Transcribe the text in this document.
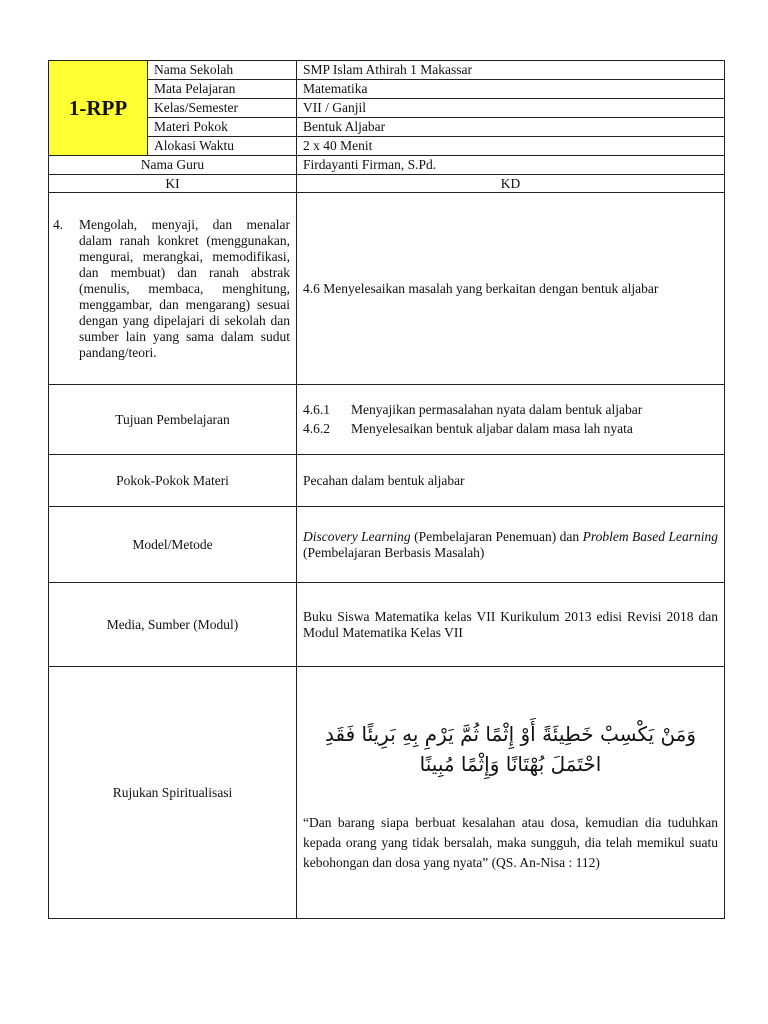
1-RPP	Nama Sekolah	SMP Islam Athirah 1 Makassar
	Mata Pelajaran	Matematika
	Kelas/Semester	VII / Ganjil
	Materi Pokok	Bentuk Aljabar
	Alokasi Waktu	2 x 40 Menit
Nama Guru		Firdayanti Firman, S.Pd.
KI		KD

4. Mengolah, menyaji, dan menalar dalam ranah konkret (menggunakan, mengurai, merangkai, memodifikasi, dan membuat) dan ranah abstrak (menulis, membaca, menghitung, menggambar, dan mengarang) sesuai dengan yang dipelajari di sekolah dan sumber lain yang sama dalam sudut pandang/teori.		4.6 Menyelesaikan masalah yang berkaitan dengan bentuk aljabar
Tujuan Pembelajaran		4.6.1 Menyajikan permasalahan nyata dalam bentuk aljabar
4.6.2 Menyelesaikan bentuk aljabar dalam masa lah nyata

Pokok-Pokok Materi		Pecahan dalam bentuk aljabar
Model/Metode		Discovery Learning (Pembelajaran Penemuan) dan Problem Based Learning (Pembelajaran Berbasis Masalah)
Media, Sumber (Modul)		Buku Siswa Matematika kelas VII Kurikulum 2013 edisi Revisi 2018 dan Modul Matematika Kelas VII
Rujukan Spiritualisasi		وَمَنْ يَكْسِبْ خَطِيئَةً أَوْ إِثْمًا ثُمَّ يَرْمِ بِهِ بَرِيئًا فَقَدِ احْتَمَلَ بُهْتَانًا وَإِثْمًا مُبِينًا
“Dan barang siapa berbuat kesalahan atau dosa, kemudian dia tuduhkan kepada orang yang tidak bersalah, maka sungguh, dia telah memikul suatu kebohongan dan dosa yang nyata” (QS. An-Nisa : 112)
